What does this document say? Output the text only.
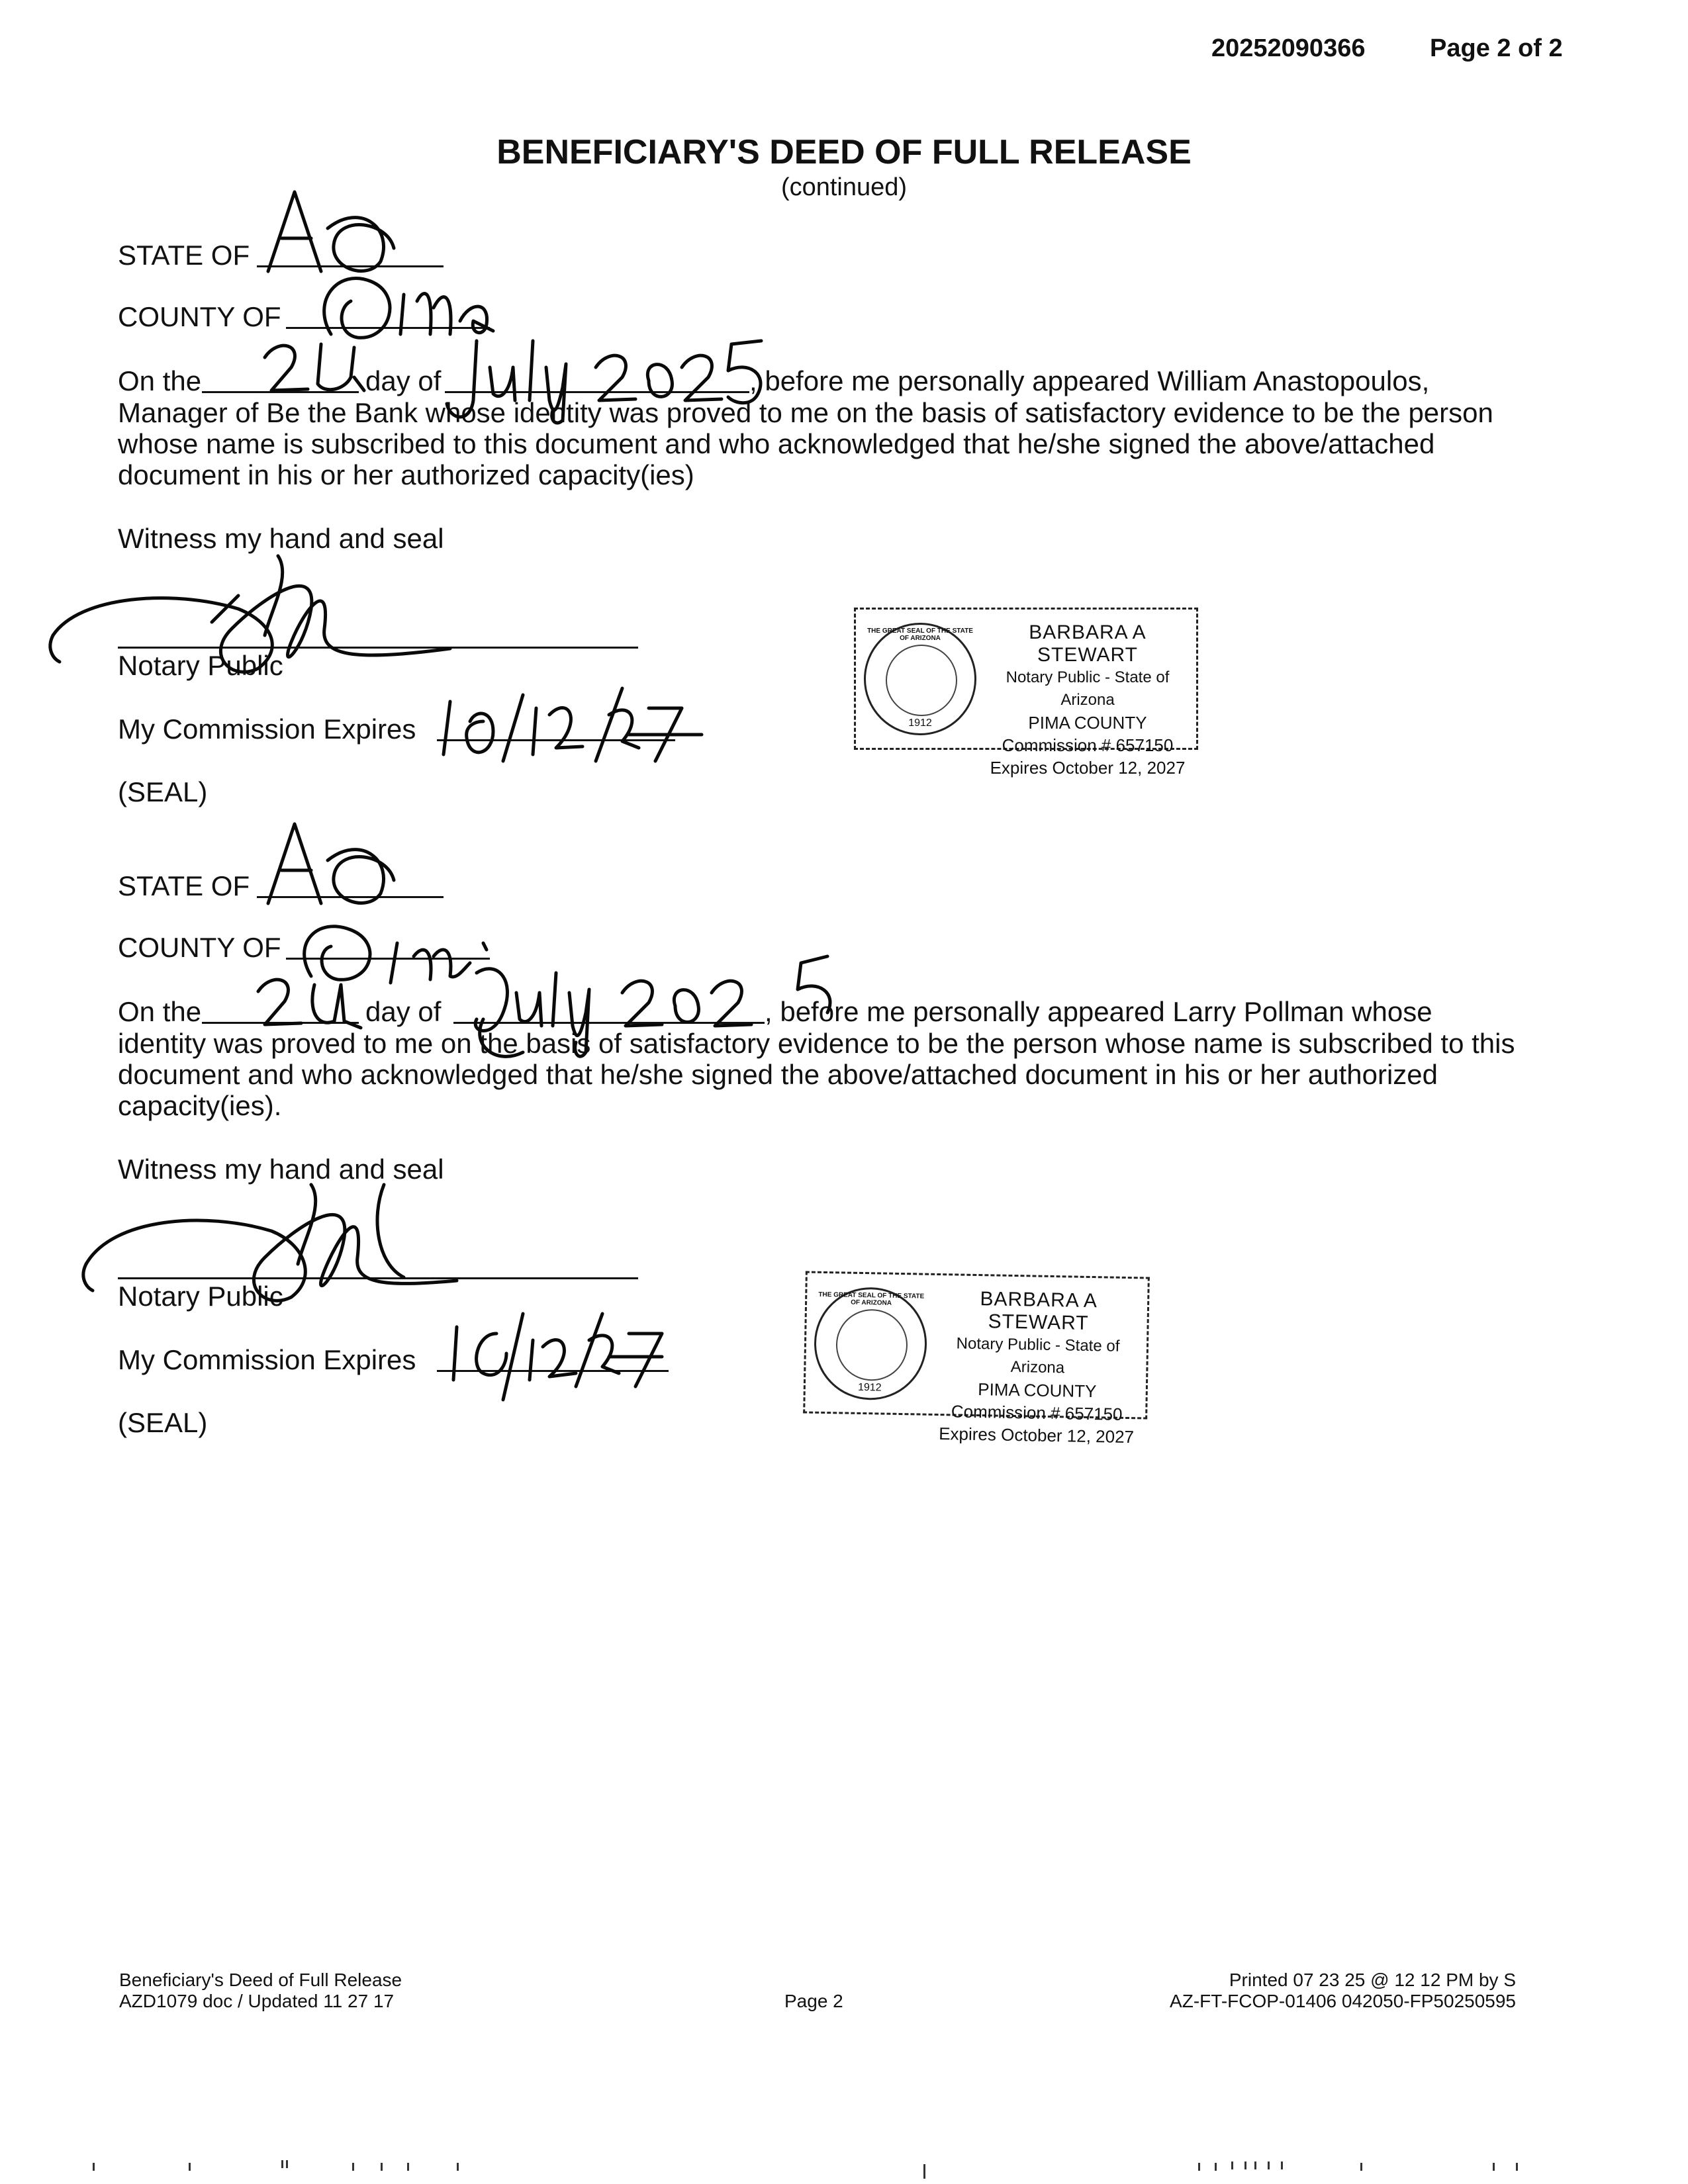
20252090366	Page 2 of 2
BENEFICIARY'S DEED OF FULL RELEASE
(continued)
STATE OF
COUNTY OF
On the	day of	, before me personally appeared William Anastopoulos,
Manager of Be the Bank whose identity was proved to me on the basis of satisfactory evidence to be the person
whose name is subscribed to this document and who acknowledged that he/she signed the above/attached
document in his or her authorized capacity(ies)
Witness my hand and seal
Notary Public
My Commission Expires
(SEAL)
THE GREAT SEAL OF THE STATE OF ARIZONA
1912
BARBARA A STEWART
Notary Public - State of Arizona
PIMA COUNTY
Commission # 657150
Expires October 12, 2027
STATE OF
COUNTY OF
On the	day of	, before me personally appeared Larry Pollman whose
identity was proved to me on the basis of satisfactory evidence to be the person whose name is subscribed to this
document and who acknowledged that he/she signed the above/attached document in his or her authorized
capacity(ies).
Witness my hand and seal
Notary Public
My Commission Expires
(SEAL)
THE GREAT SEAL OF THE STATE OF ARIZONA
1912
BARBARA A STEWART
Notary Public - State of Arizona
PIMA COUNTY
Commission # 657150
Expires October 12, 2027
Beneficiary's Deed of Full Release
AZD1079 doc / Updated 11 27 17	Page 2
Printed 07 23 25 @ 12 12 PM by S
AZ-FT-FCOP-01406 042050-FP50250595
